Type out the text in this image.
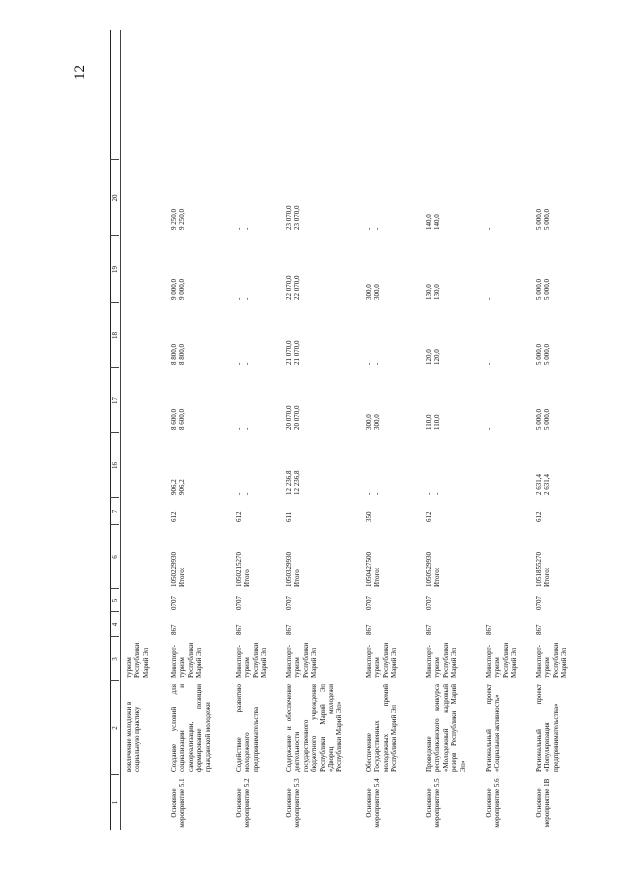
12
1
2
3
4
5
6
7
16
17
18
19
20
вовлечение молодежи в социальную практику
туризм Республики Марий Эл
Основное мероприятие 5.1
Создание условий для социализации и самореализации, формирование позиции гражданской молодежи
Минспорт-туризм Республики Марий Эл
867
0707
1050229930
Итого:
612
906,2
906,2
8 600,0
8 600,0
8 800,0
8 800,0
9 000,0
9 000,0
9 250,0
9 250,0
Основное мероприятие 5.2
Содействие развитию молодежного предпринимательства
Минспорт-туризм Республики Марий Эл
867
0707
1050215270
Итого
612
-
-
-
-
-
-
-
-
-
-
Основное мероприятие 5.3
Содержание и обеспечение деятельности государственного бюджетного учреждения Республики Марий Эл «Дворец молодежи Республики Марий Эл»
Минспорт-туризм Республики Марий Эл
867
0707
1050329930
Итого
611
12 236,8
12 236,8
20 070,0
20 070,0
21 070,0
21 070,0
22 070,0
22 070,0
23 070,0
23 070,0
Основное мероприятие 5.4
Обеспечение Государственных молодежных премий Республики Марий Эл
Минспорт-туризм Республики Марий Эл
867
0707
1050427500
Итого:
350
-
-
300,0
300,0
-
-
300,0
300,0
-
-
Основное мероприятие 5.5
Проведение республиканского конкурса «Молодежный кадровый резерв Республики Марий Эл»
Минспорт-туризм Республики Марий Эл
867
0707
1050529930
Итого:
612
-
-
110,0
110,0
120,0
120,0
130,0
130,0
140,0
140,0
Основное мероприятие 5.6
Региональный проект «Социальная активность»
Минспорт-туризм Республики Марий Эл
867
-
-
-
-
Основное мероприятие 1В
Региональный проект «Популяризация предпринимательства»
Минспорт-туризм Республики Марий Эл
867
0707
1051855270
Итого:
612
2 631,4
2 631,4
5 000,0
5 000,0
5 000,0
5 000,0
5 000,0
5 000,0
5 000,0
5 000,0
